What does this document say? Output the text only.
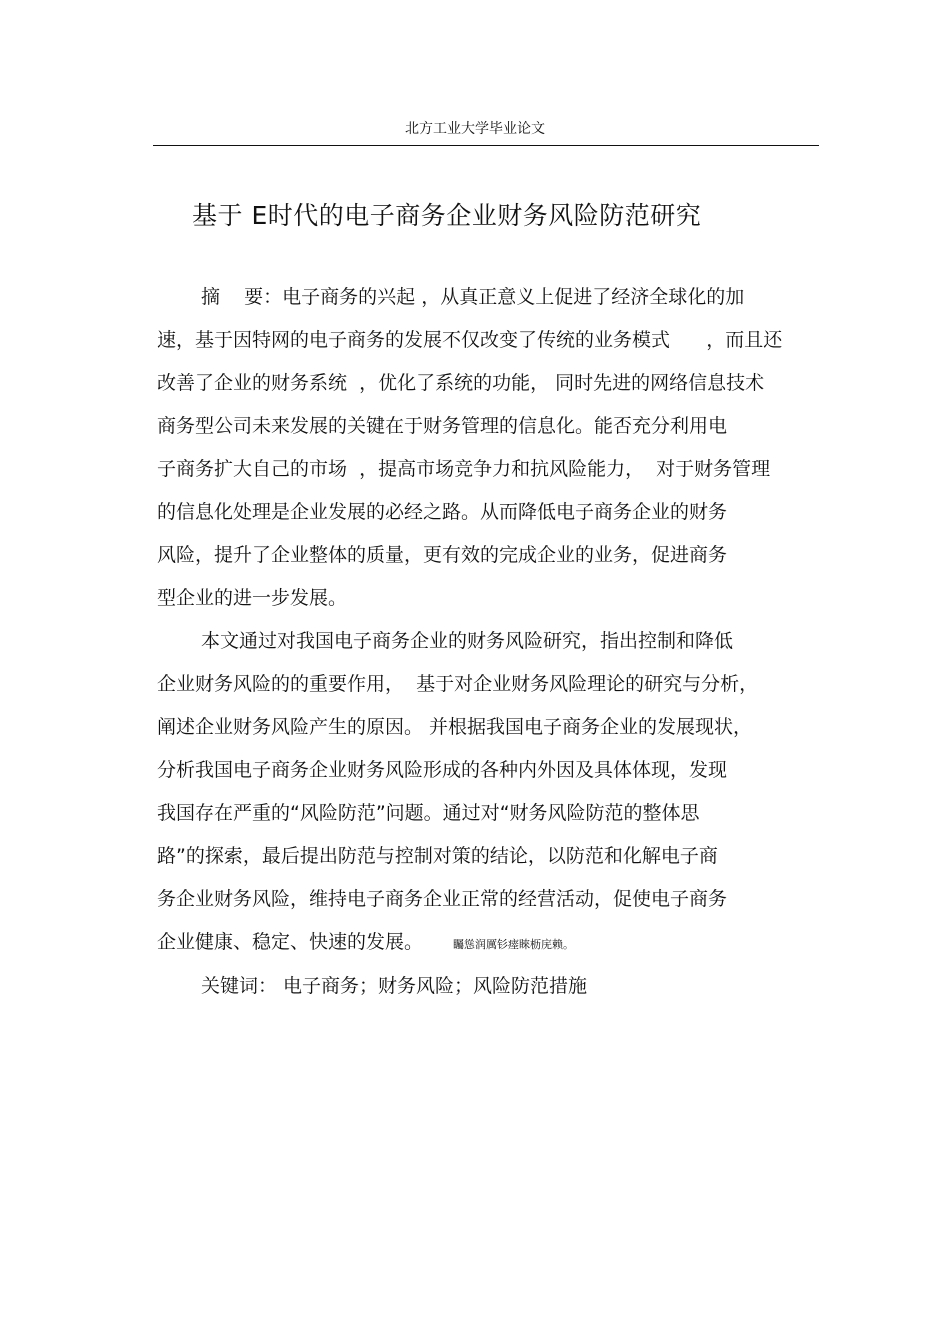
北方工业大学毕业论文
基于 E时代的电子商务企业财务风险防范研究
摘    要：电子商务的兴起 ，从真正意义上促进了经济全球化的加
速，基于因特网的电子商务的发展不仅改变了传统的业务模式      ，而且还
改善了企业的财务系统  ，优化了系统的功能， 同时先进的网络信息技术
商务型公司未来发展的关键在于财务管理的信息化。能否充分利用电
子商务扩大自己的市场  ，提高市场竞争力和抗风险能力，  对于财务管理
的信息化处理是企业发展的必经之路。从而降低电子商务企业的财务
风险，提升了企业整体的质量，更有效的完成企业的业务，促进商务
型企业的进一步发展。
本文通过对我国电子商务企业的财务风险研究，指出控制和降低
企业财务风险的的重要作用，  基于对企业财务风险理论的研究与分析，
阐述企业财务风险产生的原因。 并根据我国电子商务企业的发展现状，
分析我国电子商务企业财务风险形成的各种内外因及具体体现，发现
我国存在严重的“风险防范”问题。通过对“财务风险防范的整体思
路”的探索，最后提出防范与控制对策的结论，以防范和化解电子商
务企业财务风险，维持电子商务企业正常的经营活动，促使电子商务
企业健康、稳定、快速的发展。	矚慫润厲钐瘗睞枥庑赖。
关键词： 电子商务；财务风险；风险防范措施
